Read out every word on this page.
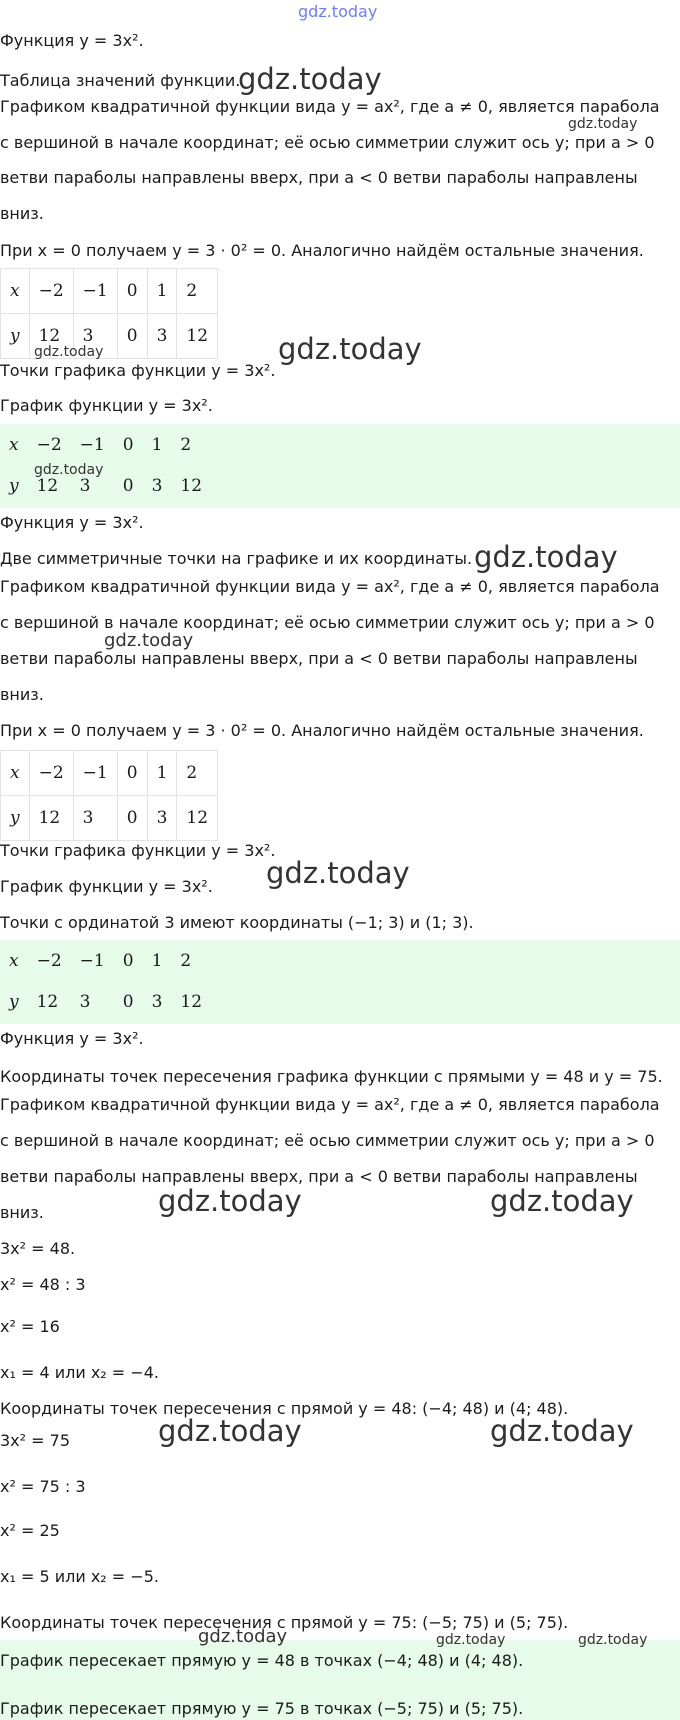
Функция y = 3x².
Таблица значений функции.
Графиком квадратичной функции вида y = ax², где a ≠ 0, является парабола
с вершиной в начале координат; её осью симметрии служит ось y; при a > 0
ветви параболы направлены вверх, при a < 0 ветви параболы направлены
вниз.
При x = 0 получаем y = 3 · 0² = 0. Аналогично найдём остальные значения.
Точки графика функции y = 3x².
График функции y = 3x².
Функция y = 3x².
Две симметричные точки на графике и их координаты.
Графиком квадратичной функции вида y = ax², где a ≠ 0, является парабола
с вершиной в начале координат; её осью симметрии служит ось y; при a > 0
ветви параболы направлены вверх, при a < 0 ветви параболы направлены
вниз.
При x = 0 получаем y = 3 · 0² = 0. Аналогично найдём остальные значения.
Точки графика функции y = 3x².
График функции y = 3x².
Точки с ординатой 3 имеют координаты (−1; 3) и (1; 3).
Функция y = 3x².
Координаты точек пересечения графика функции с прямыми y = 48 и y = 75.
Графиком квадратичной функции вида y = ax², где a ≠ 0, является парабола
с вершиной в начале координат; её осью симметрии служит ось y; при a > 0
ветви параболы направлены вверх, при a < 0 ветви параболы направлены
вниз.
3x² = 48.
x² = 48 : 3
x² = 16
x₁ = 4 или x₂ = −4.
Координаты точек пересечения с прямой y = 48: (−4; 48) и (4; 48).
3x² = 75
x² = 75 : 3
x² = 25
x₁ = 5 или x₂ = −5.
Координаты точек пересечения с прямой y = 75: (−5; 75) и (5; 75).
График пересекает прямую y = 48 в точках (−4; 48) и (4; 48).
График пересекает прямую y = 75 в точках (−5; 75) и (5; 75).
x	−2	−1	0	1	2
y	12	3	0	3	12
x	−2	−1	0	1	2
y	12	3	0	3	12
x	−2	−1	0	1	2
y	12	3	0	3	12
x	−2	−1	0	1	2
y	12	3	0	3	12
gdz.today
gdz.today
gdz.today
gdz.today
gdz.today
gdz.today
gdz.today
gdz.today
gdz.today
gdz.today	gdz.today
gdz.today	gdz.today
gdz.today	gdz.today	gdz.today
